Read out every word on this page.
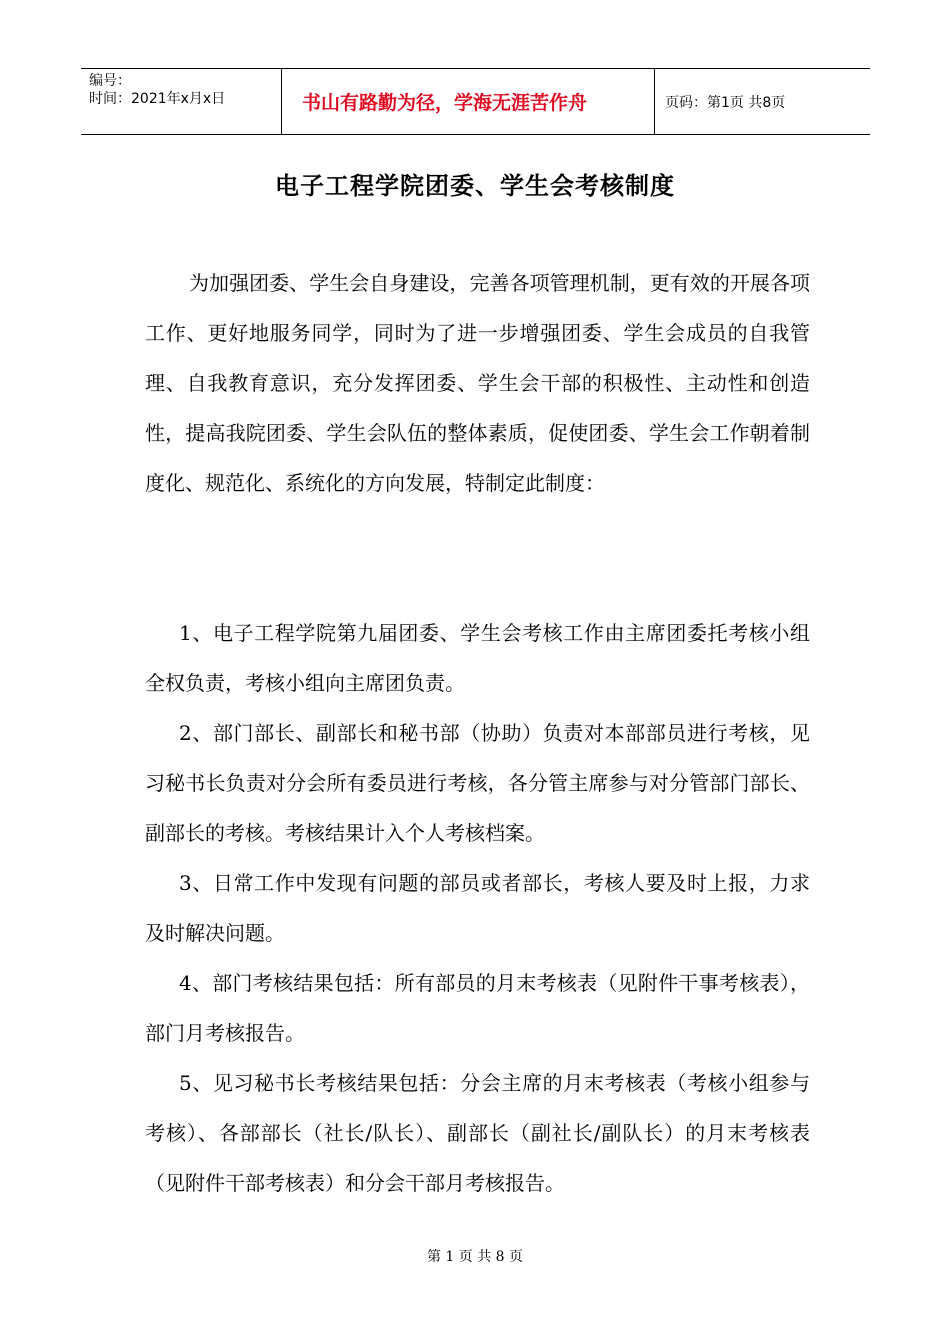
编号：
时间：2021年x月x日	书山有路勤为径，学海无涯苦作舟	页码：第1页 共8页
电子工程学院团委、学生会考核制度

为加强团委、学生会自身建设，完善各项管理机制，更有效的开展各项工作、更好地服务同学，同时为了进一步增强团委、学生会成员的自我管理、自我教育意识，充分发挥团委、学生会干部的积极性、主动性和创造性，提高我院团委、学生会队伍的整体素质，促使团委、学生会工作朝着制度化、规范化、系统化的方向发展，特制定此制度：

1、电子工程学院第九届团委、学生会考核工作由主席团委托考核小组全权负责，考核小组向主席团负责。

2、部门部长、副部长和秘书部（协助）负责对本部部员进行考核，见习秘书长负责对分会所有委员进行考核，各分管主席参与对分管部门部长、副部长的考核。考核结果计入个人考核档案。

3、日常工作中发现有问题的部员或者部长，考核人要及时上报，力求及时解决问题。

4、部门考核结果包括：所有部员的月末考核表（见附件干事考核表），部门月考核报告。

5、见习秘书长考核结果包括：分会主席的月末考核表（考核小组参与考核）、各部部长（社长/队长）、副部长（副社长/副队长）的月末考核表（见附件干部考核表）和分会干部月考核报告。

第 1 页 共 8 页
